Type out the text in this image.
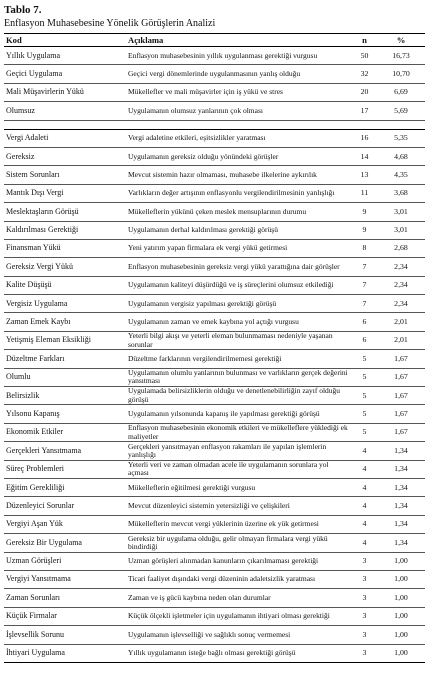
Tablo 7.
Enflasyon Muhasebesine Yönelik Görüşlerin Analizi
Kod	Açıklama	n	%
Yıllık Uygulama	Enflasyon muhasebesinin yıllık uygulanması gerektiği vurgusu	50	16,73
Geçici Uygulama	Geçici vergi dönemlerinde uygulanmasının yanlış olduğu	32	10,70
Mali Müşavirlerin Yükü	Mükellefler ve mali müşavirler için iş yükü ve stres	20	6,69
Olumsuz	Uygulamanın olumsuz yanlarının çok olması	17	5,69

Vergi Adaleti	Vergi adaletine etkileri, eşitsizlikler yaratması	16	5,35
Gereksiz	Uygulamanın gereksiz olduğu yönündeki görüşler	14	4,68
Sistem Sorunları	Mevcut sistemin hazır olmaması, muhasebe ilkelerine aykırılık	13	4,35
Mantık Dışı Vergi	Varlıkların değer artışının enflasyonlu vergilendirilmesinin yanlışlığı	11	3,68
Meslektaşların Görüşü	Mükelleflerin yükünü çeken meslek mensuplarının durumu	9	3,01
Kaldırılması Gerektiği	Uygulamanın derhal kaldırılması gerektiği görüşü	9	3,01
Finansman Yükü	Yeni yatırım yapan firmalara ek vergi yükü getirmesi	8	2,68
Gereksiz Vergi Yükü	Enflasyon muhasebesinin gereksiz vergi yükü yarattığına dair görüşler	7	2,34
Kalite Düşüşü	Uygulamanın kaliteyi düşürdüğü ve iş süreçlerini olumsuz etkilediği	7	2,34
Vergisiz Uygulama	Uygulamanın vergisiz yapılması gerektiği görüşü	7	2,34
Zaman Emek Kaybı	Uygulamanın zaman ve emek kaybına yol açtığı vurgusu	6	2,01
Yetişmiş Eleman Eksikliği	Yeterli bilgi akışı ve yeterli eleman bulunmaması nedeniyle yaşanan sorunlar	6	2,01
Düzeltme Farkları	Düzeltme farklarının vergilendirilmemesi gerektiği	5	1,67
Olumlu	Uygulamanın olumlu yanlarının bulunması ve varlıkların gerçek değerini yansıtması	5	1,67
Belirsizlik	Uygulamada belirsizliklerin olduğu ve denetlenebilirliğin zayıf olduğu görüşü	5	1,67
Yılsonu Kapanış	Uygulamanın yılsonunda kapanış ile yapılması gerektiği görüşü	5	1,67
Ekonomik Etkiler	Enflasyon muhasebesinin ekonomik etkileri ve mükelleflere yüklediği ek maliyetler	5	1,67
Gerçekleri Yansıtmama	Gerçekleri yansıtmayan enflasyon rakamları ile yapılan işlemlerin yanlışlığı	4	1,34
Süreç Problemleri	Yeterli veri ve zaman olmadan acele ile uygulamanın sorunlara yol açması	4	1,34
Eğitim Gerekliliği	Mükelleflerin eğitilmesi gerektiği vurgusu	4	1,34
Düzenleyici Sorunlar	Mevcut düzenleyici sistemin yetersizliği ve çelişkileri	4	1,34
Vergiyi Aşan Yük	Mükelleflerin mevcut vergi yüklerinin üzerine ek yük getirmesi	4	1,34
Gereksiz Bir Uygulama	Gereksiz bir uygulama olduğu, gelir olmayan firmalara vergi yükü bindirdiği	4	1,34
Uzman Görüşleri	Uzman görüşleri alınmadan kanunların çıkarılmaması gerektiği	3	1,00
Vergiyi Yansıtmama	Ticari faaliyet dışındaki vergi düzeninin adaletsizlik yaratması	3	1,00
Zaman Sorunları	Zaman ve iş gücü kaybına neden olan durumlar	3	1,00
Küçük Firmalar	Küçük ölçekli işletmeler için uygulamanın ihtiyari olması gerektiği	3	1,00
İşlevsellik Sorunu	Uygulamanın işlevselliği ve sağlıklı sonuç vermemesi	3	1,00
İhtiyari Uygulama	Yıllık uygulamanın isteğe bağlı olması gerektiği görüşü	3	1,00
